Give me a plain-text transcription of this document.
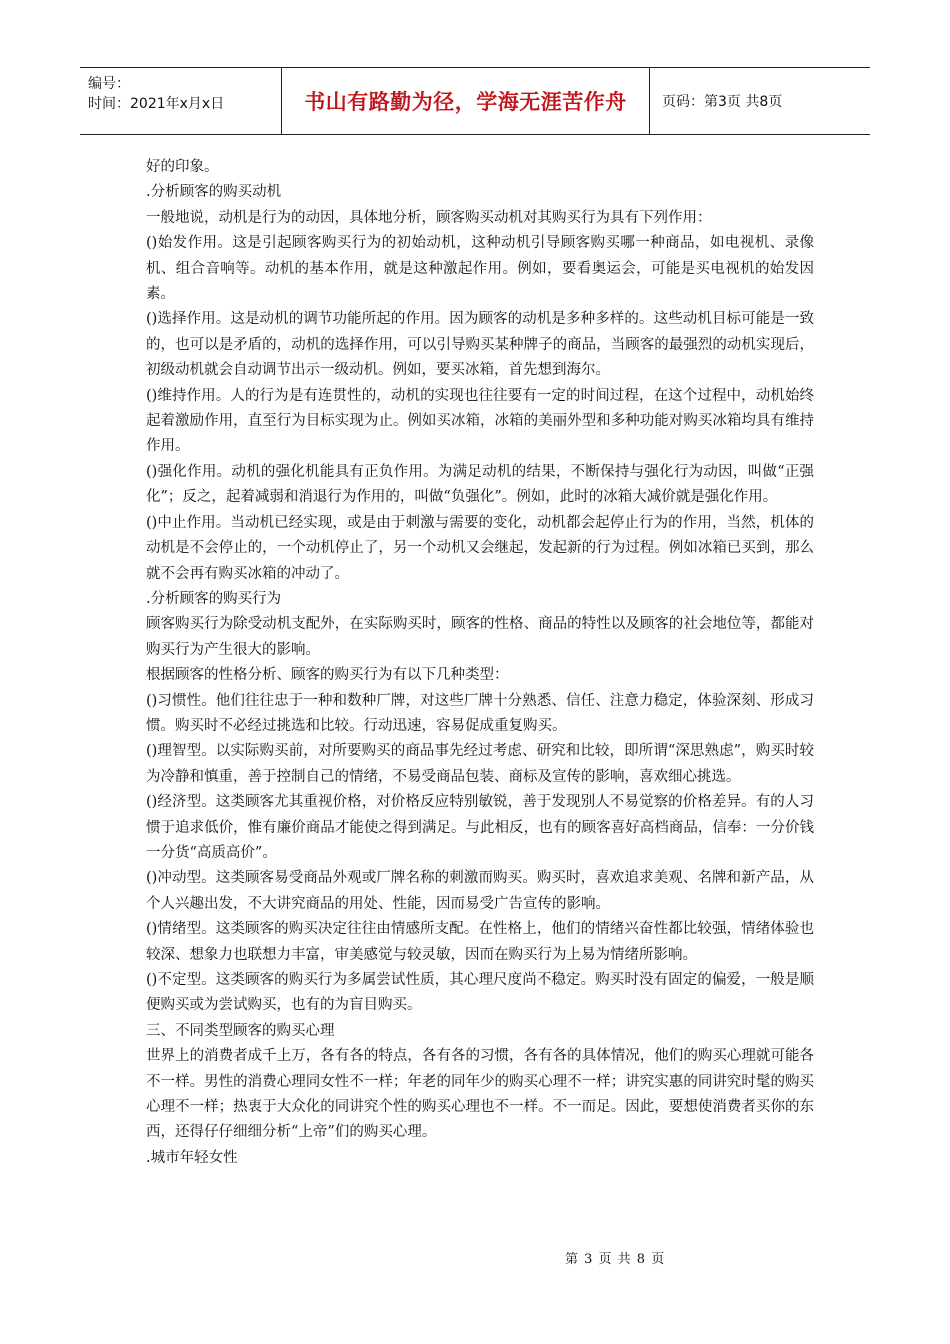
编号：
时间：2021年x月x日	书山有路勤为径，学海无涯苦作舟	页码：第3页 共8页

好的印象。

.分析顾客的购买动机

一般地说，动机是行为的动因，具体地分析，顾客购买动机对其购买行为具有下列作用：

()始发作用。这是引起顾客购买行为的初始动机，这种动机引导顾客购买哪一种商品，如电视机、录像机、组合音响等。动机的基本作用，就是这种激起作用。例如，要看奥运会，可能是买电视机的始发因素。

()选择作用。这是动机的调节功能所起的作用。因为顾客的动机是多种多样的。这些动机目标可能是一致的，也可以是矛盾的，动机的选择作用，可以引导购买某种牌子的商品，当顾客的最强烈的动机实现后，初级动机就会自动调节出示一级动机。例如，要买冰箱，首先想到海尔。

()维持作用。人的行为是有连贯性的，动机的实现也往往要有一定的时间过程，在这个过程中，动机始终起着激励作用，直至行为目标实现为止。例如买冰箱，冰箱的美丽外型和多种功能对购买冰箱均具有维持作用。

()强化作用。动机的强化机能具有正负作用。为满足动机的结果，不断保持与强化行为动因，叫做“正强化”；反之，起着减弱和消退行为作用的，叫做“负强化”。例如，此时的冰箱大减价就是强化作用。

()中止作用。当动机已经实现，或是由于刺激与需要的变化，动机都会起停止行为的作用，当然，机体的动机是不会停止的，一个动机停止了，另一个动机又会继起，发起新的行为过程。例如冰箱已买到，那么就不会再有购买冰箱的冲动了。

.分析顾客的购买行为

顾客购买行为除受动机支配外，在实际购买时，顾客的性格、商品的特性以及顾客的社会地位等，都能对购买行为产生很大的影响。

根据顾客的性格分析、顾客的购买行为有以下几种类型：

()习惯性。他们往往忠于一种和数种厂牌，对这些厂牌十分熟悉、信任、注意力稳定，体验深刻、形成习惯。购买时不必经过挑选和比较。行动迅速，容易促成重复购买。

()理智型。以实际购买前，对所要购买的商品事先经过考虑、研究和比较，即所谓“深思熟虑”，购买时较为冷静和慎重，善于控制自己的情绪，不易受商品包装、商标及宣传的影响，喜欢细心挑选。

()经济型。这类顾客尤其重视价格，对价格反应特别敏锐，善于发现别人不易觉察的价格差异。有的人习惯于追求低价，惟有廉价商品才能使之得到满足。与此相反，也有的顾客喜好高档商品，信奉：一分价钱一分货“高质高价”。

()冲动型。这类顾客易受商品外观或厂牌名称的刺激而购买。购买时，喜欢追求美观、名牌和新产品，从个人兴趣出发，不大讲究商品的用处、性能，因而易受广告宣传的影响。

()情绪型。这类顾客的购买决定往往由情感所支配。在性格上，他们的情绪兴奋性都比较强，情绪体验也较深、想象力也联想力丰富，审美感觉与较灵敏，因而在购买行为上易为情绪所影响。

()不定型。这类顾客的购买行为多属尝试性质，其心理尺度尚不稳定。购买时没有固定的偏爱，一般是顺便购买或为尝试购买，也有的为盲目购买。

三、不同类型顾客的购买心理

世界上的消费者成千上万，各有各的特点，各有各的习惯，各有各的具体情况，他们的购买心理就可能各不一样。男性的消费心理同女性不一样；年老的同年少的购买心理不一样；讲究实惠的同讲究时髦的购买心理不一样；热衷于大众化的同讲究个性的购买心理也不一样。不一而足。因此，要想使消费者买你的东西，还得仔仔细细分析“上帝”们的购买心理。

.城市年轻女性

第 3 页 共 8 页
